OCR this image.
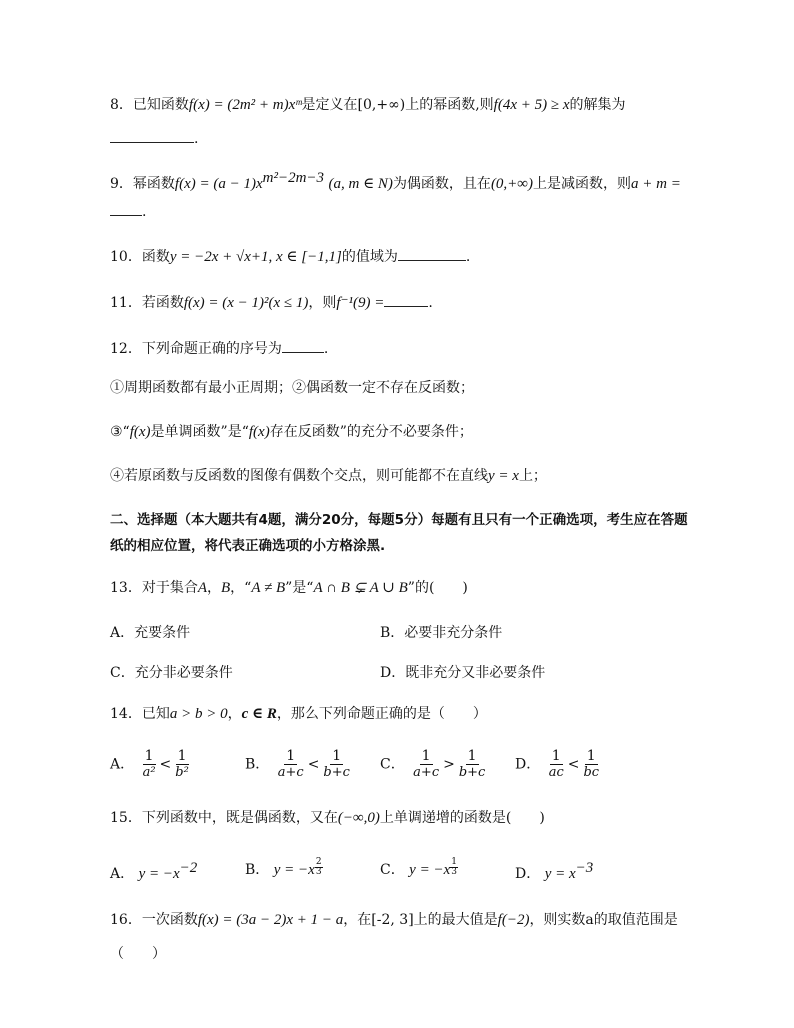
8．已知函数f(x) = (2m² + m)xᵐ是定义在[0,+∞)上的幂函数,则f(4x + 5) ≥ x的解集为
.
9．幂函数$f(x) = (a - 1)x^{m^2-2m-3}$ (a, m ∈ N)为偶函数，且在(0,+∞)上是减函数，则a + m =
.
10．函数y = −2x + √x+1, x ∈ [−1,1]的值域为	.
11．若函数f(x) = (x − 1)²(x ≤ 1)，则f⁻¹(9) =	.
12．下列命题正确的序号为	.
①周期函数都有最小正周期；②偶函数一定不存在反函数；
③“f(x)是单调函数”是“f(x)存在反函数”的充分不必要条件；
④若原函数与反函数的图像有偶数个交点，则可能都不在直线y = x上；
二、选择题（本大题共有4题，满分20分，每题5分）每题有且只有一个正确选项，考生应在答题
纸的相应位置，将代表正确选项的小方格涂黑.
13．对于集合A，B，“A ≠ B”是“A ∩ B ⊊ A ∪ B”的(　　)
A．充要条件	B．必要非充分条件
C．充分非必要条件	D．既非充分又非必要条件
14．已知a > b > 0，c ∈ R，那么下列命题正确的是（　　）
A． $\frac{1}{\text{a²}} < \frac{1}{\text{b²}}$	B． $\frac{1}{a+c} < \frac{1}{b+c}$ C． $\frac{1}{a+c} > \frac{1}{b+c}$ D． $\frac{1}{ac} < \frac{1}{bc}$
15．下列函数中，既是偶函数，又在(−∞,0)上单调递增的函数是(　　)
A． $y = -x^{-2}$	B． $y = -x \frac{2}{3}$	C． $y = -x \frac{1}{3}$	D． $y = x^{-3}$
16．一次函数f(x) = (3a − 2)x + 1 − a，在[-2, 3]上的最大值是f(−2)，则实数a的取值范围是
（　　）
